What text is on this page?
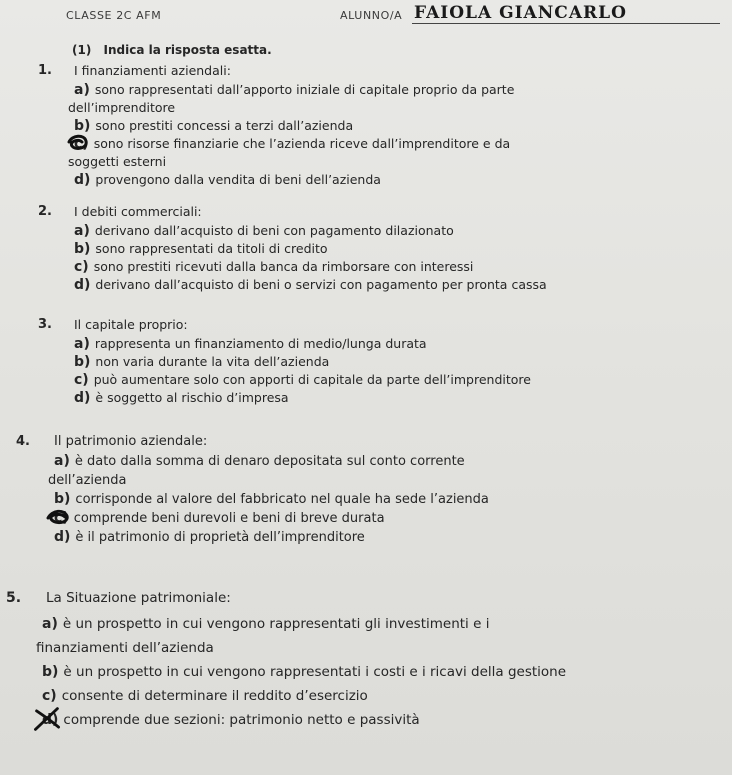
CLASSE 2C AFM	ALUNNO/A FAIOLA GIANCARLO
(1) Indica la risposta esatta.
1. I finanziamenti aziendali:
a) sono rappresentati dall’apporto iniziale di capitale proprio da parte
dell’imprenditore
b) sono prestiti concessi a terzi dall’azienda
c) sono risorse finanziarie che l’azienda riceve dall’imprenditore e da
soggetti esterni
d) provengono dalla vendita di beni dell’azienda
2. I debiti commerciali:
a) derivano dall’acquisto di beni con pagamento dilazionato
b) sono rappresentati da titoli di credito
c) sono prestiti ricevuti dalla banca da rimborsare con interessi
d) derivano dall’acquisto di beni o servizi con pagamento per pronta cassa
3. Il capitale proprio:
a) rappresenta un finanziamento di medio/lunga durata
b) non varia durante la vita dell’azienda
c) può aumentare solo con apporti di capitale da parte dell’imprenditore
d) è soggetto al rischio d’impresa
4. Il patrimonio aziendale:
a) è dato dalla somma di denaro depositata sul conto corrente
dell’azienda
b) corrisponde al valore del fabbricato nel quale ha sede l’azienda
c) comprende beni durevoli e beni di breve durata
d) è il patrimonio di proprietà dell’imprenditore
5. La Situazione patrimoniale:
a) è un prospetto in cui vengono rappresentati gli investimenti e i
finanziamenti dell’azienda
b) è un prospetto in cui vengono rappresentati i costi e i ricavi della gestione
c) consente di determinare il reddito d’esercizio
d) comprende due sezioni: patrimonio netto e passività
